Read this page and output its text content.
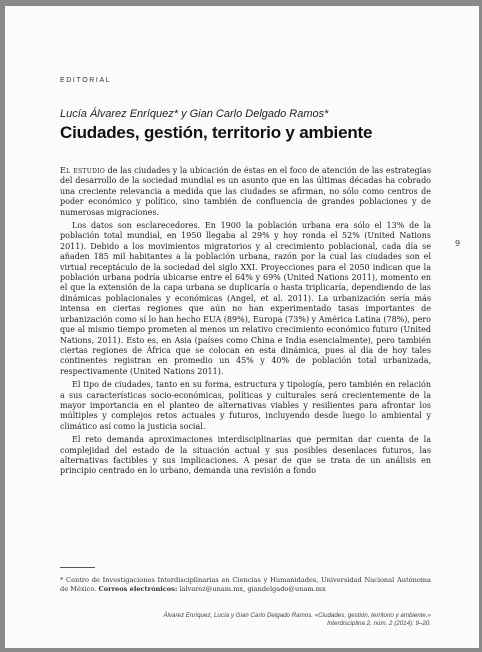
EDITORIAL
Lucía Álvarez Enríquez* y Gian Carlo Delgado Ramos*
Ciudades, gestión, territorio y ambiente
9

El estudio de las ciudades y la ubicación de éstas en el foco de atención de las estrategias del desarrollo de la sociedad mundial es un asunto que en las últimas décadas ha cobrado una creciente relevancia a medida que las ciudades se afirman, no sólo como centros de poder económico y político, sino también de confluencia de grandes poblaciones y de numerosas migraciones.

Los datos son esclarecedores. En 1900 la población urbana era sólo el 13% de la población total mundial, en 1950 llegaba al 29% y hoy ronda el 52% (United Nations 2011). Debido a los movimientos migratorios y al crecimiento poblacional, cada día se añaden 185 mil habitantes a la población urbana, razón por la cual las ciudades son el virtual receptáculo de la sociedad del siglo XXI. Proyecciones para el 2050 indican que la población urbana podría ubicarse entre el 64% y 69% (United Nations 2011), momento en el que la extensión de la capa urbana se duplicaría o hasta triplicaría, dependiendo de las dinámicas poblacionales y económicas (Angel, et al. 2011). La urbanización sería más intensa en ciertas regiones que aún no han experimentado tasas importantes de urbanización como sí lo han hecho EUA (89%), Europa (73%) y América Latina (78%), pero que al mismo tiempo prometen al menos un relativo crecimiento económico futuro (United Nations, 2011). Esto es, en Asia (países como China e India esencialmente), pero también ciertas regiones de África que se colocan en esta dinámica, pues al día de hoy tales continentes registran en promedio un 45% y 40% de población total urbanizada, respectivamente (United Nations 2011).

El tipo de ciudades, tanto en su forma, estructura y tipología, pero también en relación a sus características socio-económicas, políticas y culturales será crecientemente de la mayor importancia en el planteo de alternativas viables y resilientes para afrontar los múltiples y complejos retos actuales y futuros, incluyendo desde luego lo ambiental y climático así como la justicia social.

El reto demanda aproximaciones interdisciplinarias que permitan dar cuenta de la complejidad del estado de la situación actual y sus posibles desenlaces futuros, las alternativas factibles y sus implicaciones. A pesar de que se trata de un análisis en principio centrado en lo urbano, demanda una revisión a fondo

* Centro de Investigaciones Interdisciplinarias en Ciencias y Humanidades, Universidad Nacional Autónoma de México. Correos electrónicos: lalvarez@unam.mx, giandelgado@unam.mx
Álvarez Enríquez, Lucía y Gian Carlo Delgado Ramos. «Ciudades, gestión, territorio y ambiente.»
Interdisciplina 2, núm. 2 (2014): 9–20.
